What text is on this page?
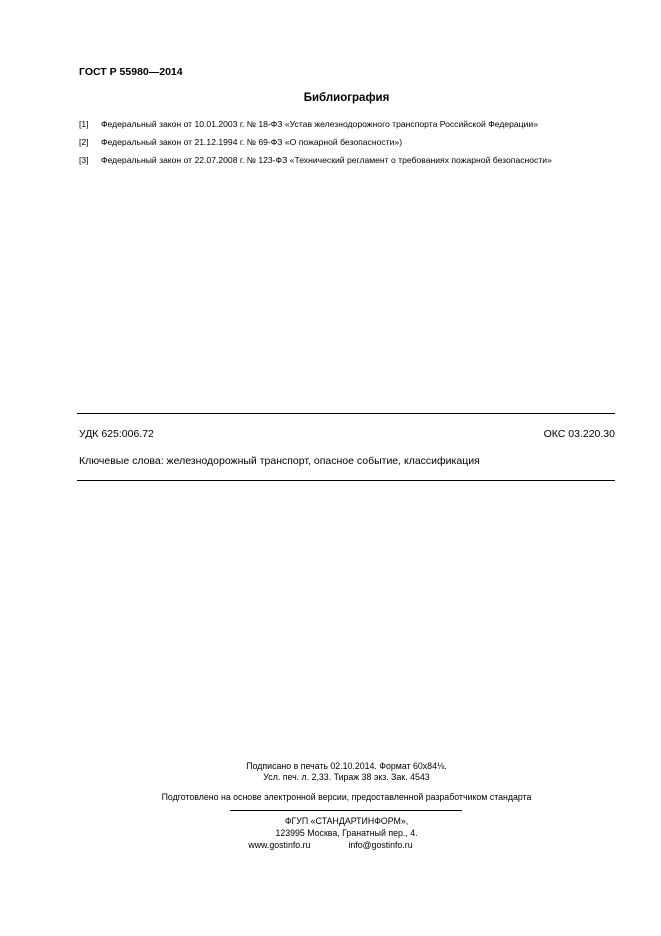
ГОСТ Р 55980—2014
Библиография
[1] Федеральный закон от 10.01.2003 г. № 18-ФЗ «Устав железнодорожного транспорта Российской Федерации»
[2] Федеральный закон от 21.12.1994 г. № 69-ФЗ «О пожарной безопасности»)
[3] Федеральный закон от 22.07.2008 г. № 123-ФЗ «Технический регламент о требованиях пожарной безопасности»
УДК 625:006.72	ОКС 03.220.30
Ключевые слова: железнодорожный транспорт, опасное событие, классификация
Подписано в печать 02.10.2014. Формат 60x84⅛.
Усл. печ. л. 2,33. Тираж 38 экз. Зак. 4543
Подготовлено на основе электронной версии, предоставленной разработчиком стандарта
ФГУП «СТАНДАРТИНФОРМ»,
123995 Москва, Гранатный пер., 4.
www.gostinfo.ru	info@gostinfo.ru
